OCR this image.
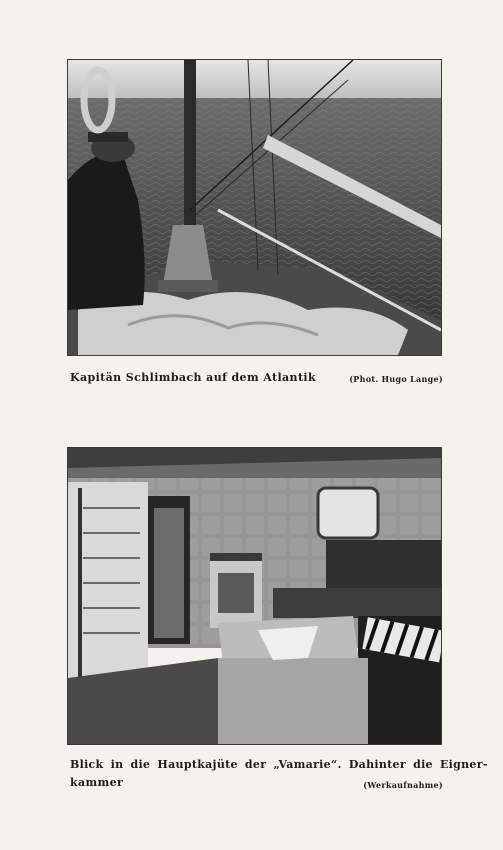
Kapitän Schlimbach auf dem Atlantik	(Phot. Hugo Lange)
Blick in die Hauptkajüte der „Vamarie“. Dahinter die Eigner-
kammer	(Werkaufnahme)
